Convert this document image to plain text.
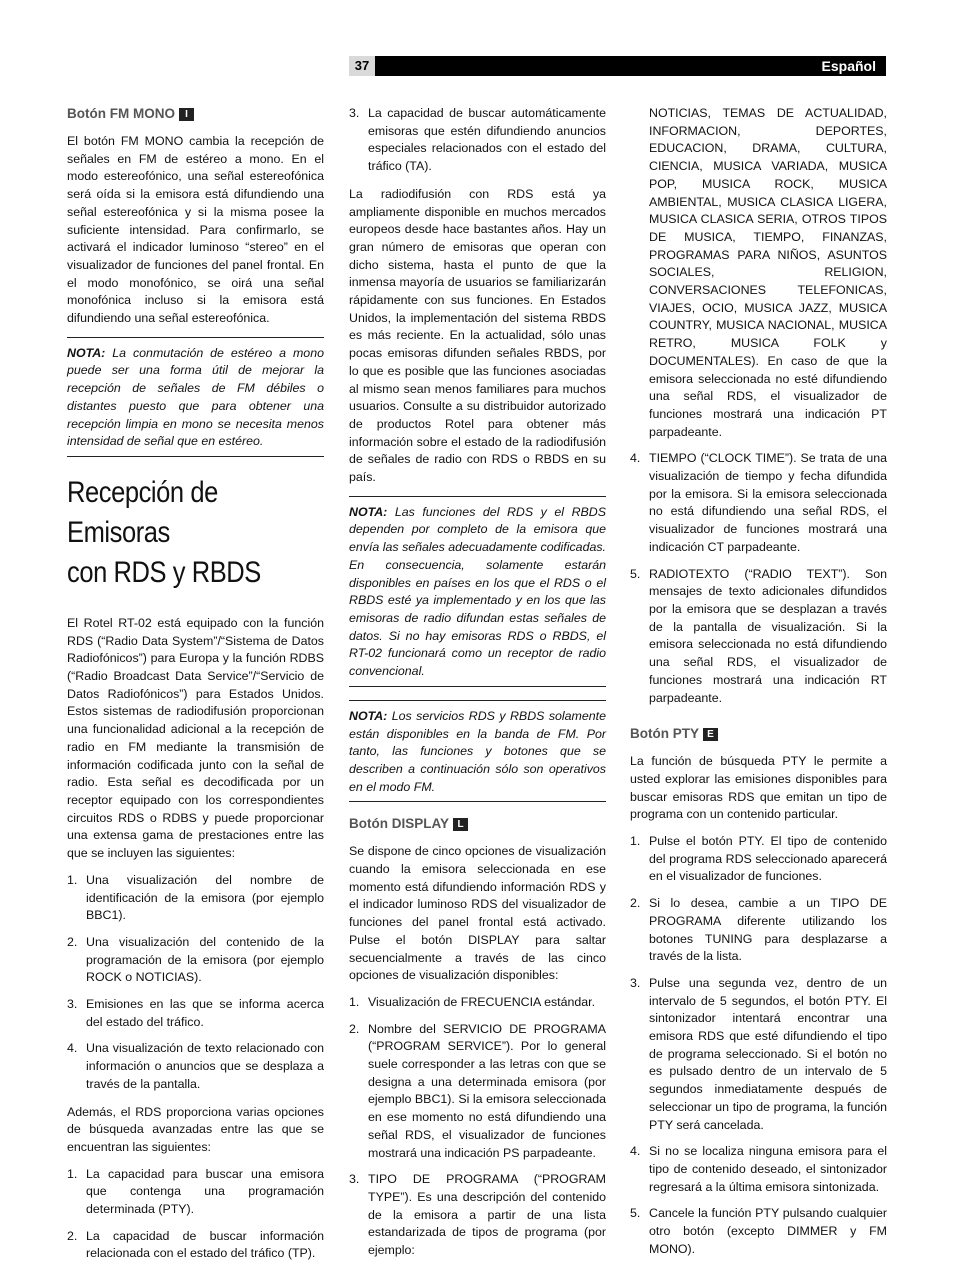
37	Español
Botón FM MONO I

El botón FM MONO cambia la recepción de señales en FM de estéreo a mono. En el modo estereofónico, una señal estereofónica será oída si la emisora está difundiendo una señal estereofónica y si la misma posee la suficiente intensidad. Para confirmarlo, se activará el indicador luminoso “stereo” en el visualizador de funciones del panel frontal. En el modo monofónico, se oirá una señal monofónica incluso si la emisora está difundiendo una señal estereofónica.

NOTA: La conmutación de estéreo a mono puede ser una forma útil de mejorar la recepción de señales de FM débiles o distantes puesto que para obtener una recepción limpia en mono se necesita menos intensidad de señal que en estéreo.

Recepción de Emisoras
con RDS y RBDS

El Rotel RT-02 está equipado con la función RDS (“Radio Data System”/“Sistema de Datos Radiofónicos”) para Europa y la función RDBS (“Radio Broadcast Data Service”/“Servicio de Datos Radiofónicos”) para Estados Unidos. Estos sistemas de radiodifusión proporcionan una funcionalidad adicional a la recepción de radio en FM mediante la transmisión de información codificada junto con la señal de radio. Esta señal es decodificada por un receptor equipado con los correspondientes circuitos RDS o RDBS y puede proporcionar una extensa gama de prestaciones entre las que se incluyen las siguientes:

1. Una visualización del nombre de identificación de la emisora (por ejemplo BBC1).
2. Una visualización del contenido de la programación de la emisora (por ejemplo ROCK o NOTICIAS).
3. Emisiones en las que se informa acerca del estado del tráfico.
4. Una visualización de texto relacionado con información o anuncios que se desplaza a través de la pantalla.

Además, el RDS proporciona varias opciones de búsqueda avanzadas entre las que se encuentran las siguientes:

1. La capacidad para buscar una emisora que contenga una programación determinada (PTY).
2. La capacidad de buscar información relacionada con el estado del tráfico (TP).
3. La capacidad de buscar automáticamente emisoras que estén difundiendo anuncios especiales relacionados con el estado del tráfico (TA).

La radiodifusión con RDS está ya ampliamente disponible en muchos mercados europeos desde hace bastantes años. Hay un gran número de emisoras que operan con dicho sistema, hasta el punto de que la inmensa mayoría de usuarios se familiarizarán rápidamente con sus funciones. En Estados Unidos, la implementación del sistema RBDS es más reciente. En la actualidad, sólo unas pocas emisoras difunden señales RBDS, por lo que es posible que las funciones asociadas al mismo sean menos familiares para muchos usuarios. Consulte a su distribuidor autorizado de productos Rotel para obtener más información sobre el estado de la radiodifusión de señales de radio con RDS o RBDS en su país.

NOTA: Las funciones del RDS y el RBDS dependen por completo de la emisora que envía las señales adecuadamente codificadas. En consecuencia, solamente estarán disponibles en países en los que el RDS o el RBDS esté ya implementado y en los que las emisoras de radio difundan estas señales de datos. Si no hay emisoras RDS o RBDS, el RT-02 funcionará como un receptor de radio convencional.

NOTA: Los servicios RDS y RBDS solamente están disponibles en la banda de FM. Por tanto, las funciones y botones que se describen a continuación sólo son operativos en el modo FM.

Botón DISPLAY L

Se dispone de cinco opciones de visualización cuando la emisora seleccionada en ese momento está difundiendo información RDS y el indicador luminoso RDS del visualizador de funciones del panel frontal está activado. Pulse el botón DISPLAY para saltar secuencialmente a través de las cinco opciones de visualización disponibles:

1. Visualización de FRECUENCIA estándar.
2. Nombre del SERVICIO DE PROGRAMA (“PROGRAM SERVICE”). Por lo general suele corresponder a las letras con que se designa a una determinada emisora (por ejemplo BBC1). Si la emisora seleccionada en ese momento no está difundiendo una señal RDS, el visualizador de funciones mostrará una indicación PS parpadeante.
3. TIPO DE PROGRAMA (“PROGRAM TYPE”). Es una descripción del contenido de la emisora a partir de una lista estandarizada de tipos de programa (por ejemplo:
NOTICIAS, TEMAS DE ACTUALIDAD, INFORMACION, DEPORTES, EDUCACION, DRAMA, CULTURA, CIENCIA, MUSICA VARIADA, MUSICA POP, MUSICA ROCK, MUSICA AMBIENTAL, MUSICA CLASICA LIGERA, MUSICA CLASICA SERIA, OTROS TIPOS DE MUSICA, TIEMPO, FINANZAS, PROGRAMAS PARA NIÑOS, ASUNTOS SOCIALES, RELIGION, CONVERSACIONES TELEFONICAS, VIAJES, OCIO, MUSICA JAZZ, MUSICA COUNTRY, MUSICA NACIONAL, MUSICA RETRO, MUSICA FOLK y DOCUMENTALES). En caso de que la emisora seleccionada no esté difundiendo una señal RDS, el visualizador de funciones mostrará una indicación PT parpadeante.
4. TIEMPO (“CLOCK TIME”). Se trata de una visualización de tiempo y fecha difundida por la emisora. Si la emisora seleccionada no está difundiendo una señal RDS, el visualizador de funciones mostrará una indicación CT parpadeante.
5. RADIOTEXTO (“RADIO TEXT”). Son mensajes de texto adicionales difundidos por la emisora que se desplazan a través de la pantalla de visualización. Si la emisora seleccionada no está difundiendo una señal RDS, el visualizador de funciones mostrará una indicación RT parpadeante.
Botón PTY E

La función de búsqueda PTY le permite a usted explorar las emisiones disponibles para buscar emisoras RDS que emitan un tipo de programa con un contenido particular.

1. Pulse el botón PTY. El tipo de contenido del programa RDS seleccionado aparecerá en el visualizador de funciones.
2. Si lo desea, cambie a un TIPO DE PROGRAMA diferente utilizando los botones TUNING para desplazarse a través de la lista.
3. Pulse una segunda vez, dentro de un intervalo de 5 segundos, el botón PTY. El sintonizador intentará encontrar una emisora RDS que esté difundiendo el tipo de programa seleccionado. Si el botón no es pulsado dentro de un intervalo de 5 segundos inmediatamente después de seleccionar un tipo de programa, la función PTY será cancelada.
4. Si no se localiza ninguna emisora para el tipo de contenido deseado, el sintonizador regresará a la última emisora sintonizada.
5. Cancele la función PTY pulsando cualquier otro botón (excepto DIMMER y FM MONO).
